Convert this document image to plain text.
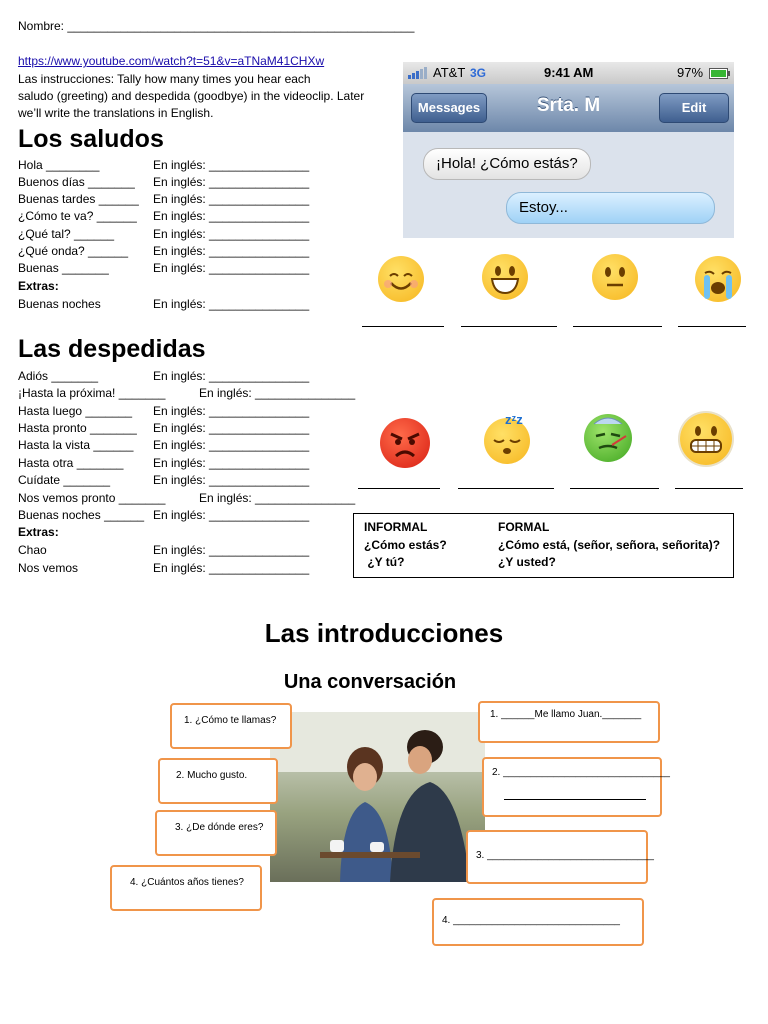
Nombre: ____________________________________________________
https://www.youtube.com/watch?t=51&v=aTNaM41CHXw
Las instrucciones: Tally how many times you hear each
saludo (greeting) and despedida (goodbye) in the videoclip. Later
we’ll write the translations in English.
Los saludos
Hola ________	En inglés: _______________
Buenos días _______ En inglés: _______________
Buenas tardes ______ En inglés: _______________
¿Cómo te va? ______ En inglés: _______________
¿Qué tal? ______	En inglés: _______________
¿Qué onda? ______ En inglés: _______________
Buenas _______	En inglés: _______________
Extras:
Buenas noches	En inglés: _______________
Las despedidas
Adiós _______	En inglés: _______________
¡Hasta la próxima! _______	En inglés: _______________
Hasta luego _______ En inglés: _______________
Hasta pronto _______ En inglés: _______________
Hasta la vista ______ En inglés: _______________
Hasta otra _______ En inglés: _______________
Cuídate _______	En inglés: _______________
Nos vemos pronto _______	En inglés: _______________
Buenas noches ______ En inglés: _______________
Extras:
Chao	En inglés: _______________
Nos vemos	En inglés: _______________
AT&T 3G	9:41 AM	97%
Messages	Srta. M	Edit
¡Hola! ¿Cómo estás?
Estoy...
zᶻz
INFORMAL	FORMAL
¿Cómo estás?	¿Cómo está, (señor, señora, señorita)?
¿Y tú?	¿Y usted?
Las introducciones
Una conversación
1. ¿Cómo te llamas?
2. Mucho gusto.
3. ¿De dónde eres?
4. ¿Cuántos años tienes?
1. ______Me llamo Juan._______
2. ______________________________
3. ______________________________
4. ______________________________
